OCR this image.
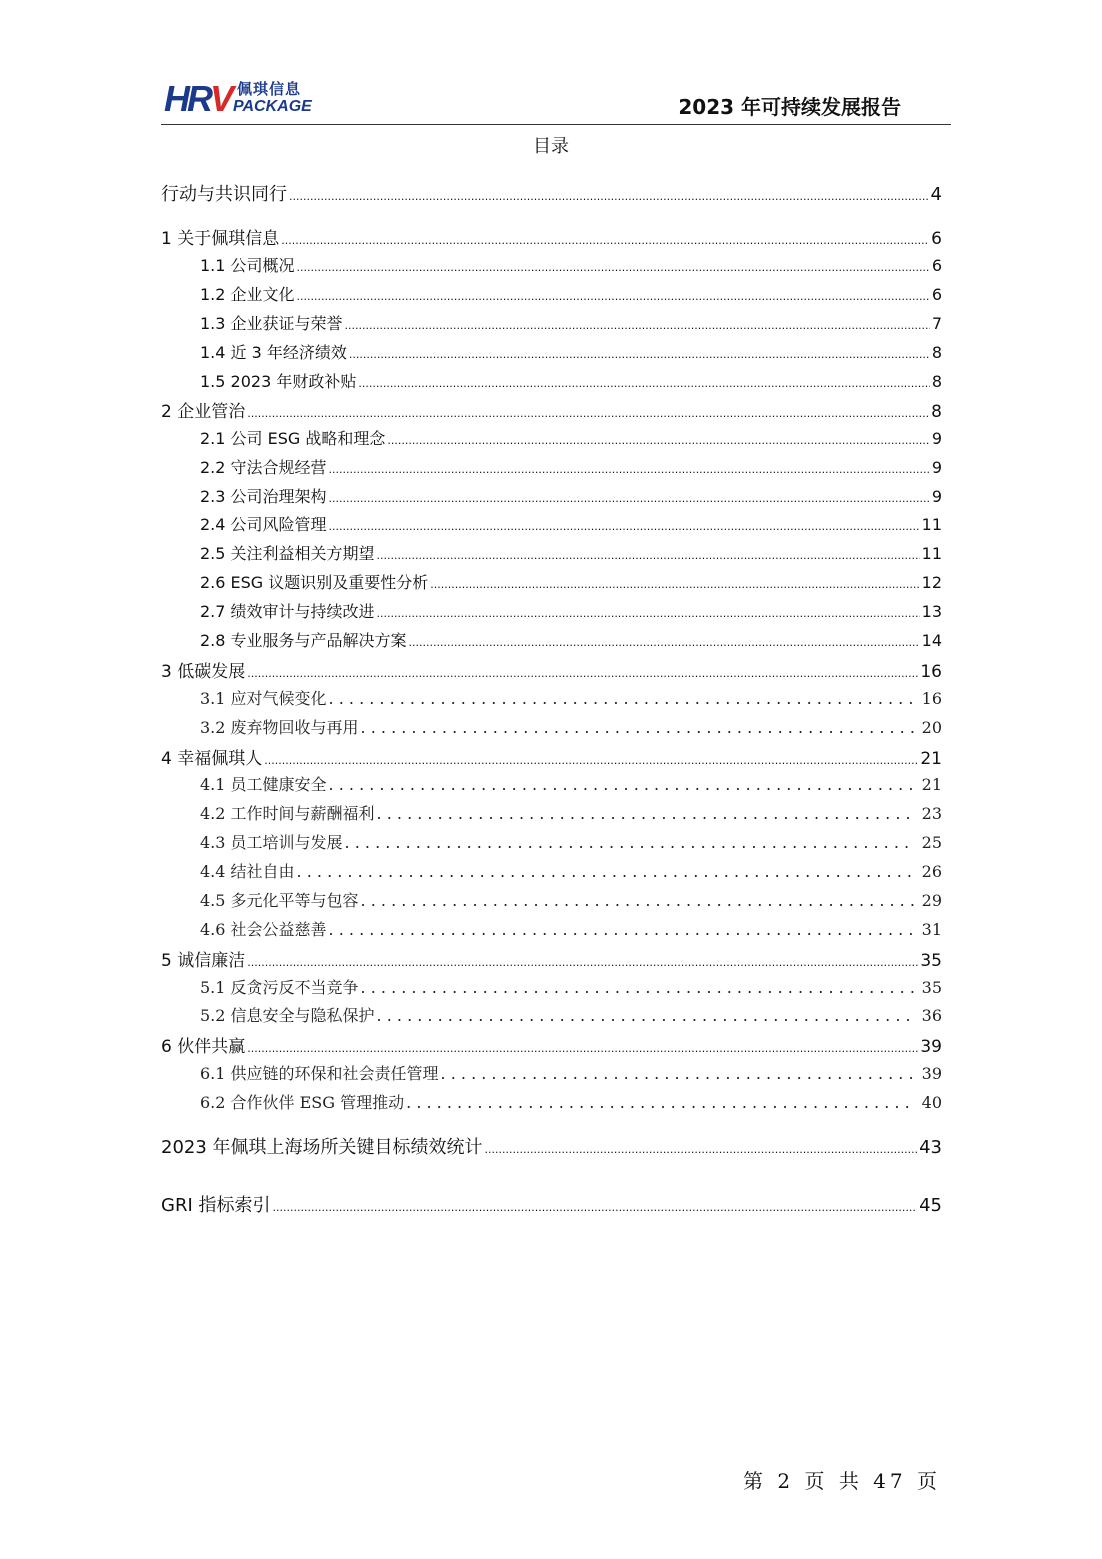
HRV 佩琪信息
PACKAGE	2023 年可持续发展报告
目录
行动与共识同行 .....	4
1 关于佩琪信息 .....	6
1.1 公司概况 .....	6
1.2 企业文化 .....	6
1.3 企业获证与荣誉 .....	7
1.4 近 3 年经济绩效 .....	8
1.5 2023 年财政补贴 .....	8
2 企业管治 .....	8
2.1 公司 ESG 战略和理念 .....	9
2.2 守法合规经营 .....	9
2.3 公司治理架构 .....	9
2.4 公司风险管理 .....	11
2.5 关注利益相关方期望 .....	11
2.6 ESG 议题识别及重要性分析 .....	12
2.7 绩效审计与持续改进 .....	13
2.8 专业服务与产品解决方案 .....	14
3 低碳发展 .....	16
3.1 应对气候变化 . . .	16
3.2 废弃物回收与再用 . . .	20
4 幸福佩琪人 .....	21
4.1 员工健康安全 . . .	21
4.2 工作时间与薪酬福利 . . .	23
4.3 员工培训与发展 . . .	25
4.4 结社自由 . . .	26
4.5 多元化平等与包容 . . .	29
4.6 社会公益慈善 . . .	31
5 诚信廉洁 .....	35
5.1 反贪污反不当竞争 . . .	35
5.2 信息安全与隐私保护 . . .	36
6 伙伴共赢 .....	39
6.1 供应链的环保和社会责任管理 . . .	39
6.2 合作伙伴 ESG 管理推动 . . .	40
2023 年佩琪上海场所关键目标绩效统计 .....	43
GRI 指标索引 .....	45
第 2 页 共 47 页
